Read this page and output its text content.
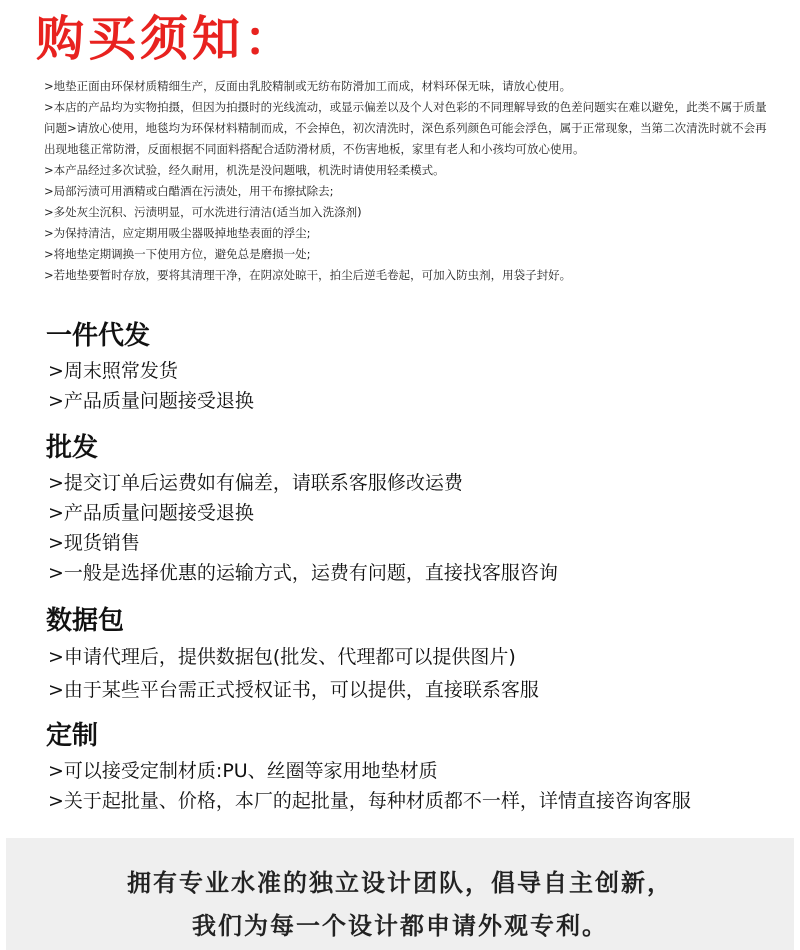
购买须知：

>地垫正面由环保材质精细生产，反面由乳胶精制或无纺布防滑加工而成，材料环保无味，请放心使用。

>本店的产品均为实物拍摄，但因为拍摄时的光线流动，或显示偏差以及个人对色彩的不同理解导致的色差问题实在难以避免，此类不属于质量问题>请放心使用，地毯均为环保材料精制而成，不会掉色，初次清洗时，深色系列颜色可能会浮色，属于正常现象，当第二次清洗时就不会再出现地毯正常防滑，反面根据不同面料搭配合适防滑材质，不伤害地板，家里有老人和小孩均可放心使用。

>本产品经过多次试验，经久耐用，机洗是没问题哦，机洗时请使用轻柔模式。

>局部污渍可用酒精或白醋酒在污渍处，用干布擦拭除去;

>多处灰尘沉积、污渍明显，可水洗进行清洁(适当加入洗涤剂)

>为保持清洁，应定期用吸尘器吸掉地垫表面的浮尘;

>将地垫定期调换一下使用方位，避免总是磨损一处;

>若地垫要暂时存放，要将其清理干净，在阴凉处晾干，拍尘后逆毛卷起，可加入防虫剂，用袋子封好。

一件代发
>周末照常发货
>产品质量问题接受退换
批发
>提交订单后运费如有偏差，请联系客服修改运费
>产品质量问题接受退换
>现货销售
>一般是选择优惠的运输方式，运费有问题，直接找客服咨询
数据包
>申请代理后，提供数据包(批发、代理都可以提供图片)
>由于某些平台需正式授权证书，可以提供，直接联系客服
定制
>可以接受定制材质:PU、丝圈等家用地垫材质
>关于起批量、价格，本厂的起批量，每种材质都不一样，详情直接咨询客服
拥有专业水准的独立设计团队，倡导自主创新，
我们为每一个设计都申请外观专利。
